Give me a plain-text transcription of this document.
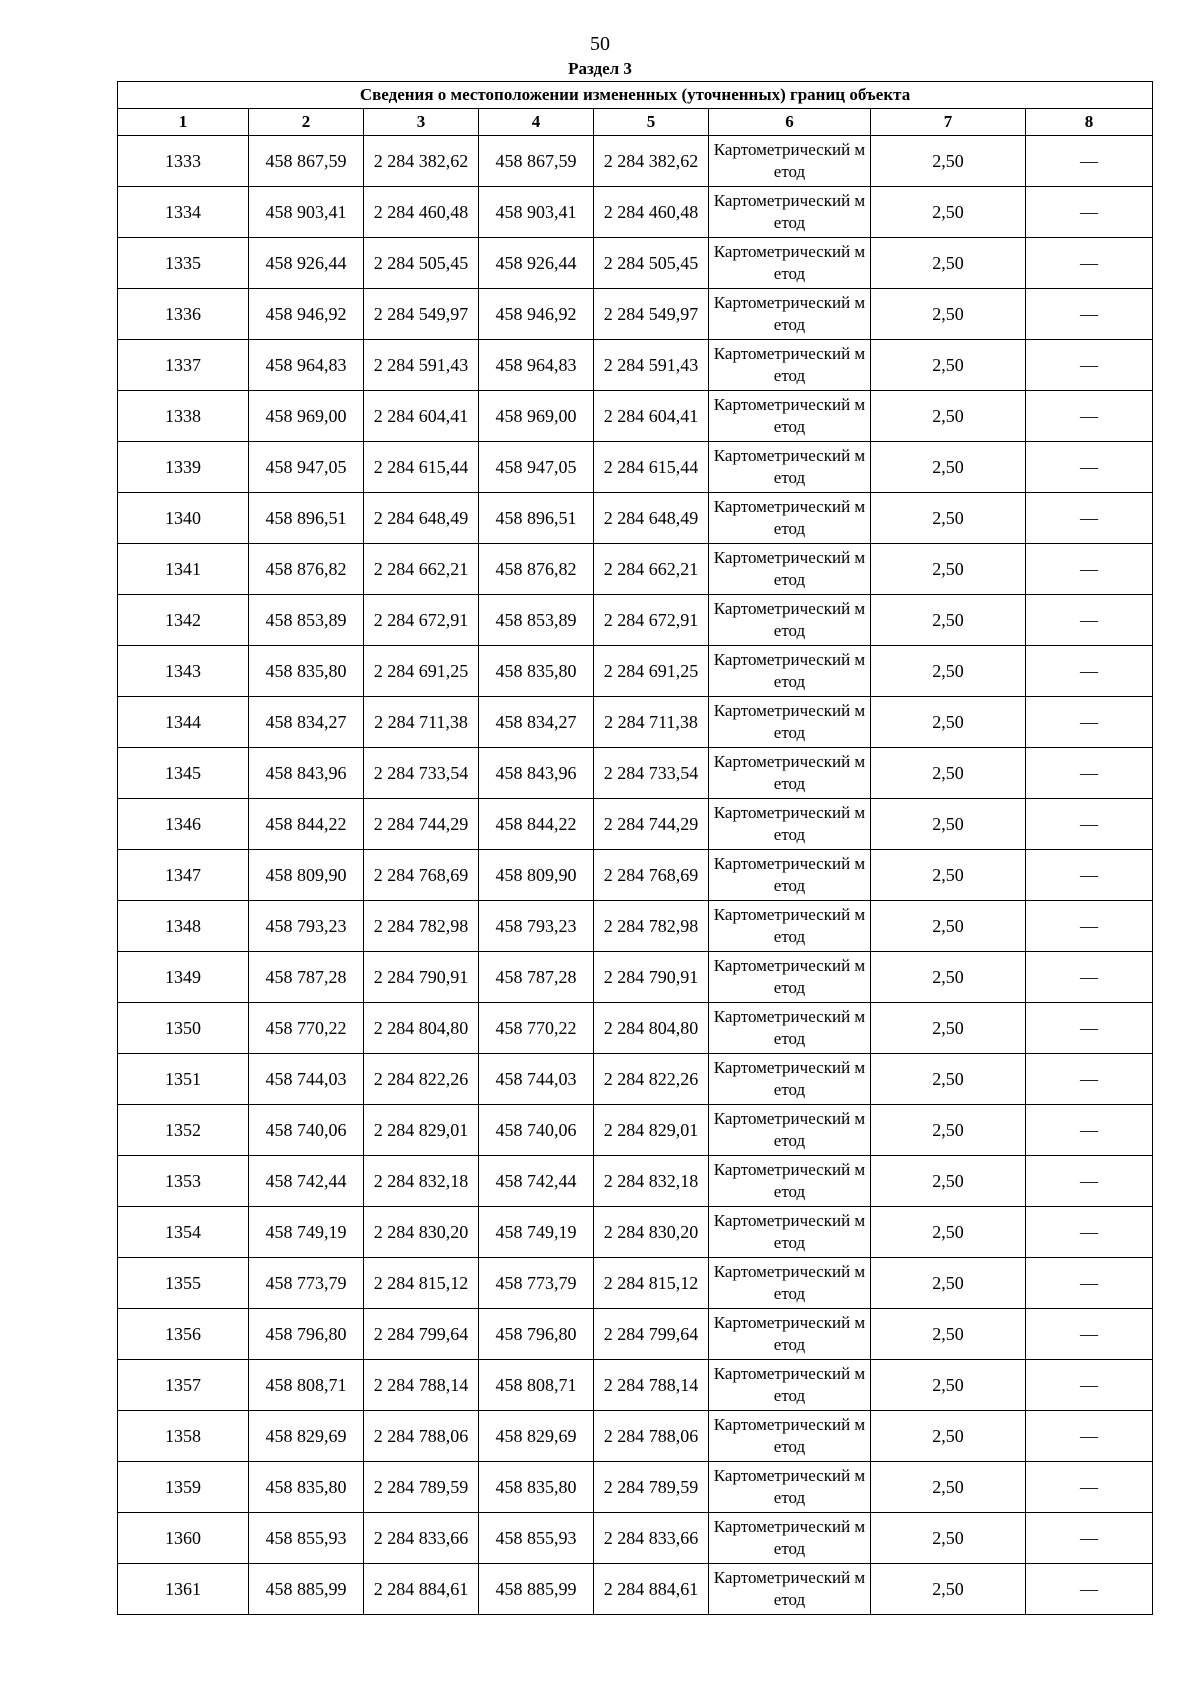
50
Раздел 3
Сведения о местоположении измененных (уточненных) границ объекта							
1	2	3	4	5	6	7	8
1333	458 867,59	2 284 382,62	458 867,59	2 284 382,62	Картометрический метод	2,50	—
1334	458 903,41	2 284 460,48	458 903,41	2 284 460,48	Картометрический метод	2,50	—
1335	458 926,44	2 284 505,45	458 926,44	2 284 505,45	Картометрический метод	2,50	—
1336	458 946,92	2 284 549,97	458 946,92	2 284 549,97	Картометрический метод	2,50	—
1337	458 964,83	2 284 591,43	458 964,83	2 284 591,43	Картометрический метод	2,50	—
1338	458 969,00	2 284 604,41	458 969,00	2 284 604,41	Картометрический метод	2,50	—
1339	458 947,05	2 284 615,44	458 947,05	2 284 615,44	Картометрический метод	2,50	—
1340	458 896,51	2 284 648,49	458 896,51	2 284 648,49	Картометрический метод	2,50	—
1341	458 876,82	2 284 662,21	458 876,82	2 284 662,21	Картометрический метод	2,50	—
1342	458 853,89	2 284 672,91	458 853,89	2 284 672,91	Картометрический метод	2,50	—
1343	458 835,80	2 284 691,25	458 835,80	2 284 691,25	Картометрический метод	2,50	—
1344	458 834,27	2 284 711,38	458 834,27	2 284 711,38	Картометрический метод	2,50	—
1345	458 843,96	2 284 733,54	458 843,96	2 284 733,54	Картометрический метод	2,50	—
1346	458 844,22	2 284 744,29	458 844,22	2 284 744,29	Картометрический метод	2,50	—
1347	458 809,90	2 284 768,69	458 809,90	2 284 768,69	Картометрический метод	2,50	—
1348	458 793,23	2 284 782,98	458 793,23	2 284 782,98	Картометрический метод	2,50	—
1349	458 787,28	2 284 790,91	458 787,28	2 284 790,91	Картометрический метод	2,50	—
1350	458 770,22	2 284 804,80	458 770,22	2 284 804,80	Картометрический метод	2,50	—
1351	458 744,03	2 284 822,26	458 744,03	2 284 822,26	Картометрический метод	2,50	—
1352	458 740,06	2 284 829,01	458 740,06	2 284 829,01	Картометрический метод	2,50	—
1353	458 742,44	2 284 832,18	458 742,44	2 284 832,18	Картометрический метод	2,50	—
1354	458 749,19	2 284 830,20	458 749,19	2 284 830,20	Картометрический метод	2,50	—
1355	458 773,79	2 284 815,12	458 773,79	2 284 815,12	Картометрический метод	2,50	—
1356	458 796,80	2 284 799,64	458 796,80	2 284 799,64	Картометрический метод	2,50	—
1357	458 808,71	2 284 788,14	458 808,71	2 284 788,14	Картометрический метод	2,50	—
1358	458 829,69	2 284 788,06	458 829,69	2 284 788,06	Картометрический метод	2,50	—
1359	458 835,80	2 284 789,59	458 835,80	2 284 789,59	Картометрический метод	2,50	—
1360	458 855,93	2 284 833,66	458 855,93	2 284 833,66	Картометрический метод	2,50	—
1361	458 885,99	2 284 884,61	458 885,99	2 284 884,61	Картометрический метод	2,50	—
